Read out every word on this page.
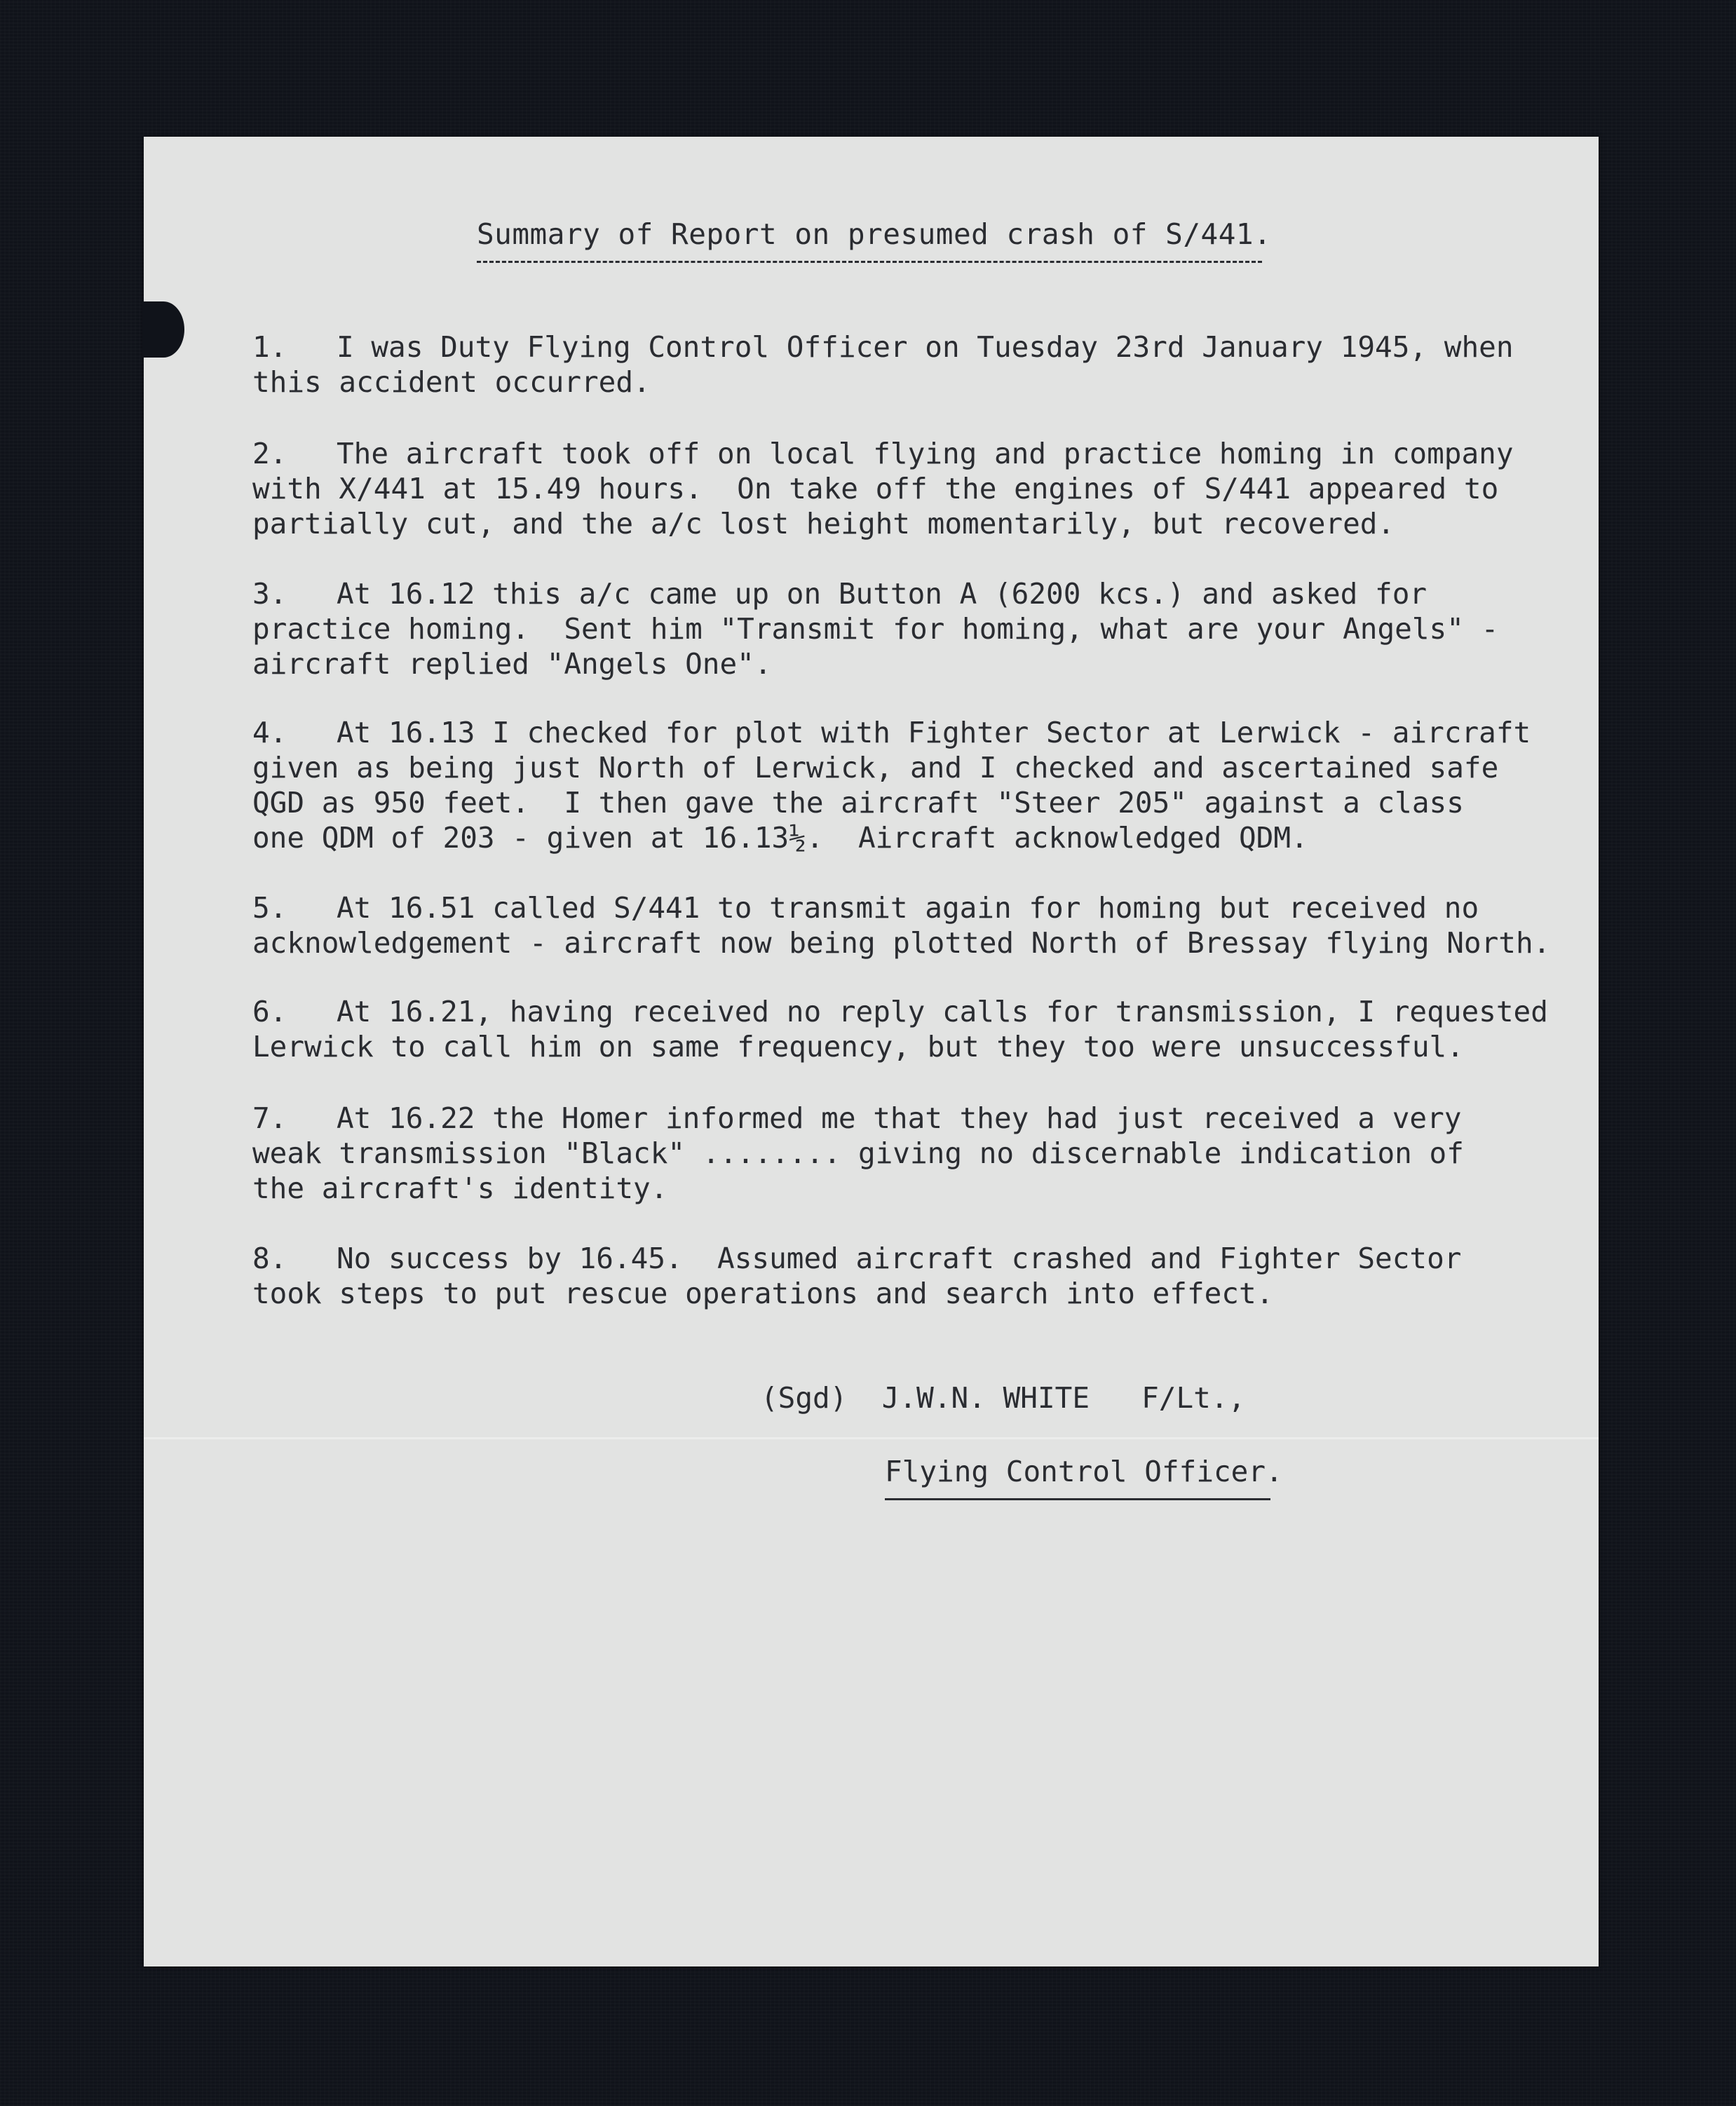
Summary of Report on presumed crash of S/441.
1. I was Duty Flying Control Officer on Tuesday 23rd January 1945, when
this accident occurred.
2. The aircraft took off on local flying and practice homing in company
with X/441 at 15.49 hours.  On take off the engines of S/441 appeared to
partially cut, and the a/c lost height momentarily, but recovered.
3. At 16.12 this a/c came up on Button A (6200 kcs.) and asked for
practice homing.  Sent him "Transmit for homing, what are your Angels" -
aircraft replied "Angels One".
4. At 16.13 I checked for plot with Fighter Sector at Lerwick - aircraft
given as being just North of Lerwick, and I checked and ascertained safe
QGD as 950 feet.  I then gave the aircraft "Steer 205" against a class
one QDM of 203 - given at 16.13½.  Aircraft acknowledged QDM.
5. At 16.51 called S/441 to transmit again for homing but received no
acknowledgement - aircraft now being plotted North of Bressay flying North.
6. At 16.21, having received no reply calls for transmission, I requested
Lerwick to call him on same frequency, but they too were unsuccessful.
7. At 16.22 the Homer informed me that they had just received a very
weak transmission "Black" ........ giving no discernable indication of
the aircraft's identity.
8. No success by 16.45.  Assumed aircraft crashed and Fighter Sector
took steps to put rescue operations and search into effect.
(Sgd) J.W.N. WHITE F/Lt.,
Flying Control Officer.
